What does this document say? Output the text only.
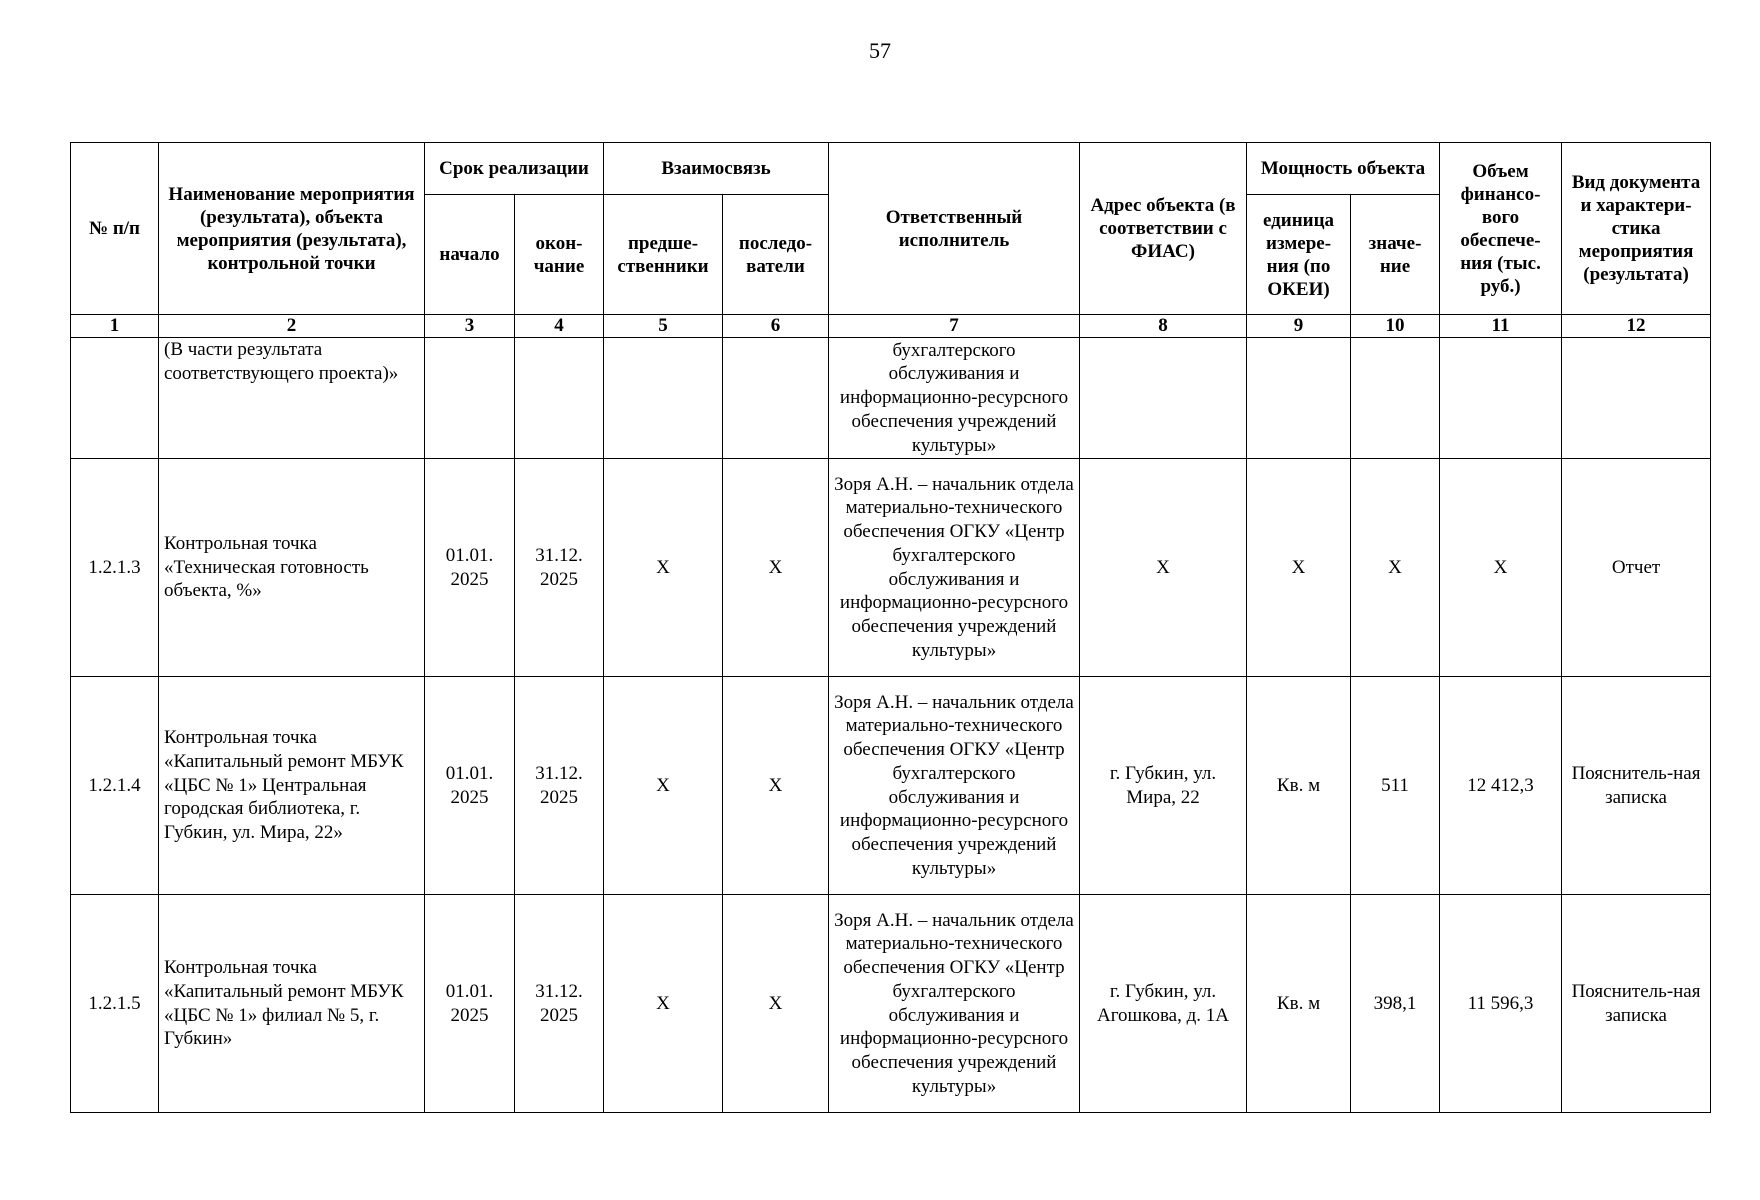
57
№ п/п	Наименование мероприятия (результата), объекта мероприятия (результата), контрольной точки	Срок реализации		Взаимосвязь		Ответственный исполнитель	Адрес объекта (в соответствии с ФИАС)	Мощность объекта		Объем финансо-вого обеспече-ния (тыс. руб.)	Вид документа и характери-стика мероприятия (результата)
		начало	окон-чание	предше-ственники	последо-ватели			единица измере-ния (по ОКЕИ)	значе-ние		
1	2	3	4	5	6	7	8	9	10	11	12
	(В части результата соответствующего проекта)»					бухгалтерского обслуживания и информационно-ресурсного обеспечения учреждений культуры»					
1.2.1.3	Контрольная точка «Техническая готовность объекта, %»	01.01. 2025	31.12. 2025	X	X	Зоря А.Н. – начальник отдела материально-технического обеспечения ОГКУ «Центр бухгалтерского обслуживания и информационно-ресурсного обеспечения учреждений культуры»	X	X	X	X	Отчет
1.2.1.4	Контрольная точка «Капитальный ремонт МБУК «ЦБС № 1» Центральная городская библиотека, г. Губкин, ул. Мира, 22»	01.01. 2025	31.12. 2025	X	X	Зоря А.Н. – начальник отдела материально-технического обеспечения ОГКУ «Центр бухгалтерского обслуживания и информационно-ресурсного обеспечения учреждений культуры»	г. Губкин, ул. Мира, 22	Кв. м	511	12 412,3	Пояснитель-ная записка
1.2.1.5	Контрольная точка «Капитальный ремонт МБУК «ЦБС № 1» филиал № 5, г. Губкин»	01.01. 2025	31.12. 2025	X	X	Зоря А.Н. – начальник отдела материально-технического обеспечения ОГКУ «Центр бухгалтерского обслуживания и информационно-ресурсного обеспечения учреждений культуры»	г. Губкин, ул. Агошкова, д. 1А	Кв. м	398,1	11 596,3	Пояснитель-ная записка
